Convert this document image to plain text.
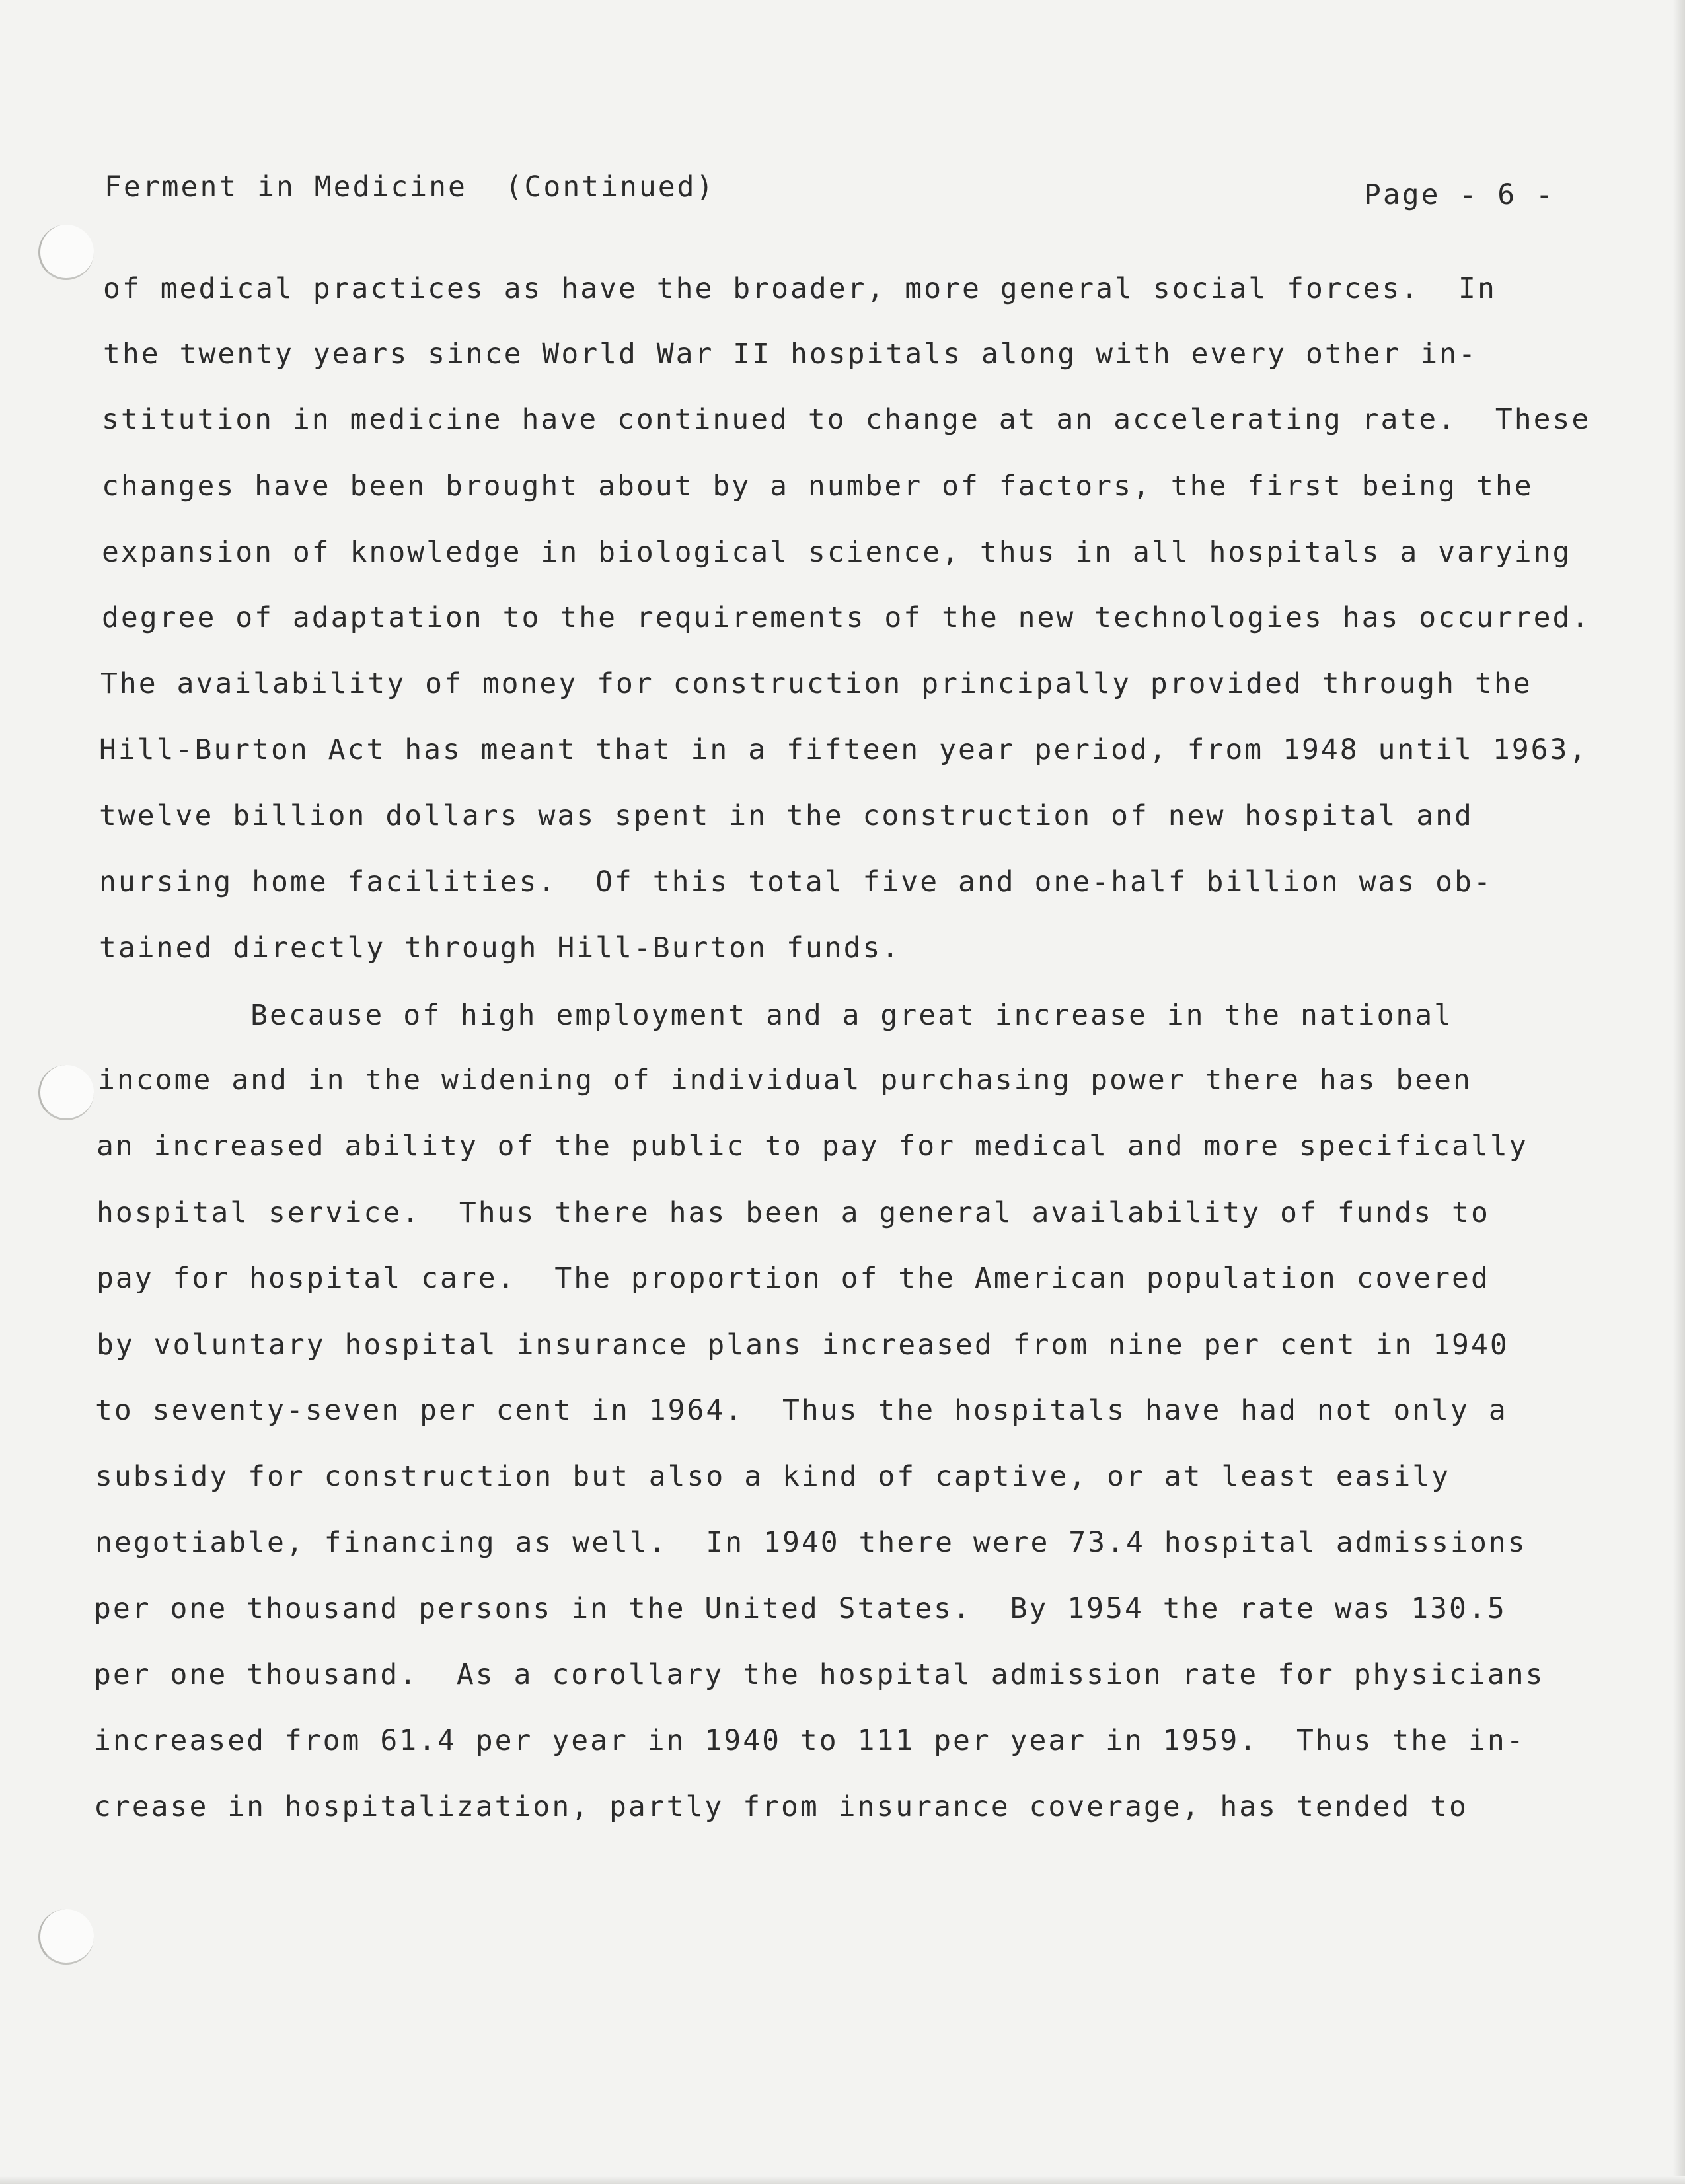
Ferment in Medicine  (Continued)	Page - 6 -

of medical practices as have the broader, more general social forces.  In

the twenty years since World War II hospitals along with every other in-

stitution in medicine have continued to change at an accelerating rate.  These

changes have been brought about by a number of factors, the first being the

expansion of knowledge in biological science, thus in all hospitals a varying

degree of adaptation to the requirements of the new technologies has occurred.

The availability of money for construction principally provided through the

Hill-Burton Act has meant that in a fifteen year period, from 1948 until 1963,

twelve billion dollars was spent in the construction of new hospital and

nursing home facilities.  Of this total five and one-half billion was ob-

tained directly through Hill-Burton funds.

Because of high employment and a great increase in the national

income and in the widening of individual purchasing power there has been

an increased ability of the public to pay for medical and more specifically

hospital service.  Thus there has been a general availability of funds to

pay for hospital care.  The proportion of the American population covered

by voluntary hospital insurance plans increased from nine per cent in 1940

to seventy-seven per cent in 1964.  Thus the hospitals have had not only a

subsidy for construction but also a kind of captive, or at least easily

negotiable, financing as well.  In 1940 there were 73.4 hospital admissions

per one thousand persons in the United States.  By 1954 the rate was 130.5

per one thousand.  As a corollary the hospital admission rate for physicians

increased from 61.4 per year in 1940 to 111 per year in 1959.  Thus the in-

crease in hospitalization, partly from insurance coverage, has tended to
